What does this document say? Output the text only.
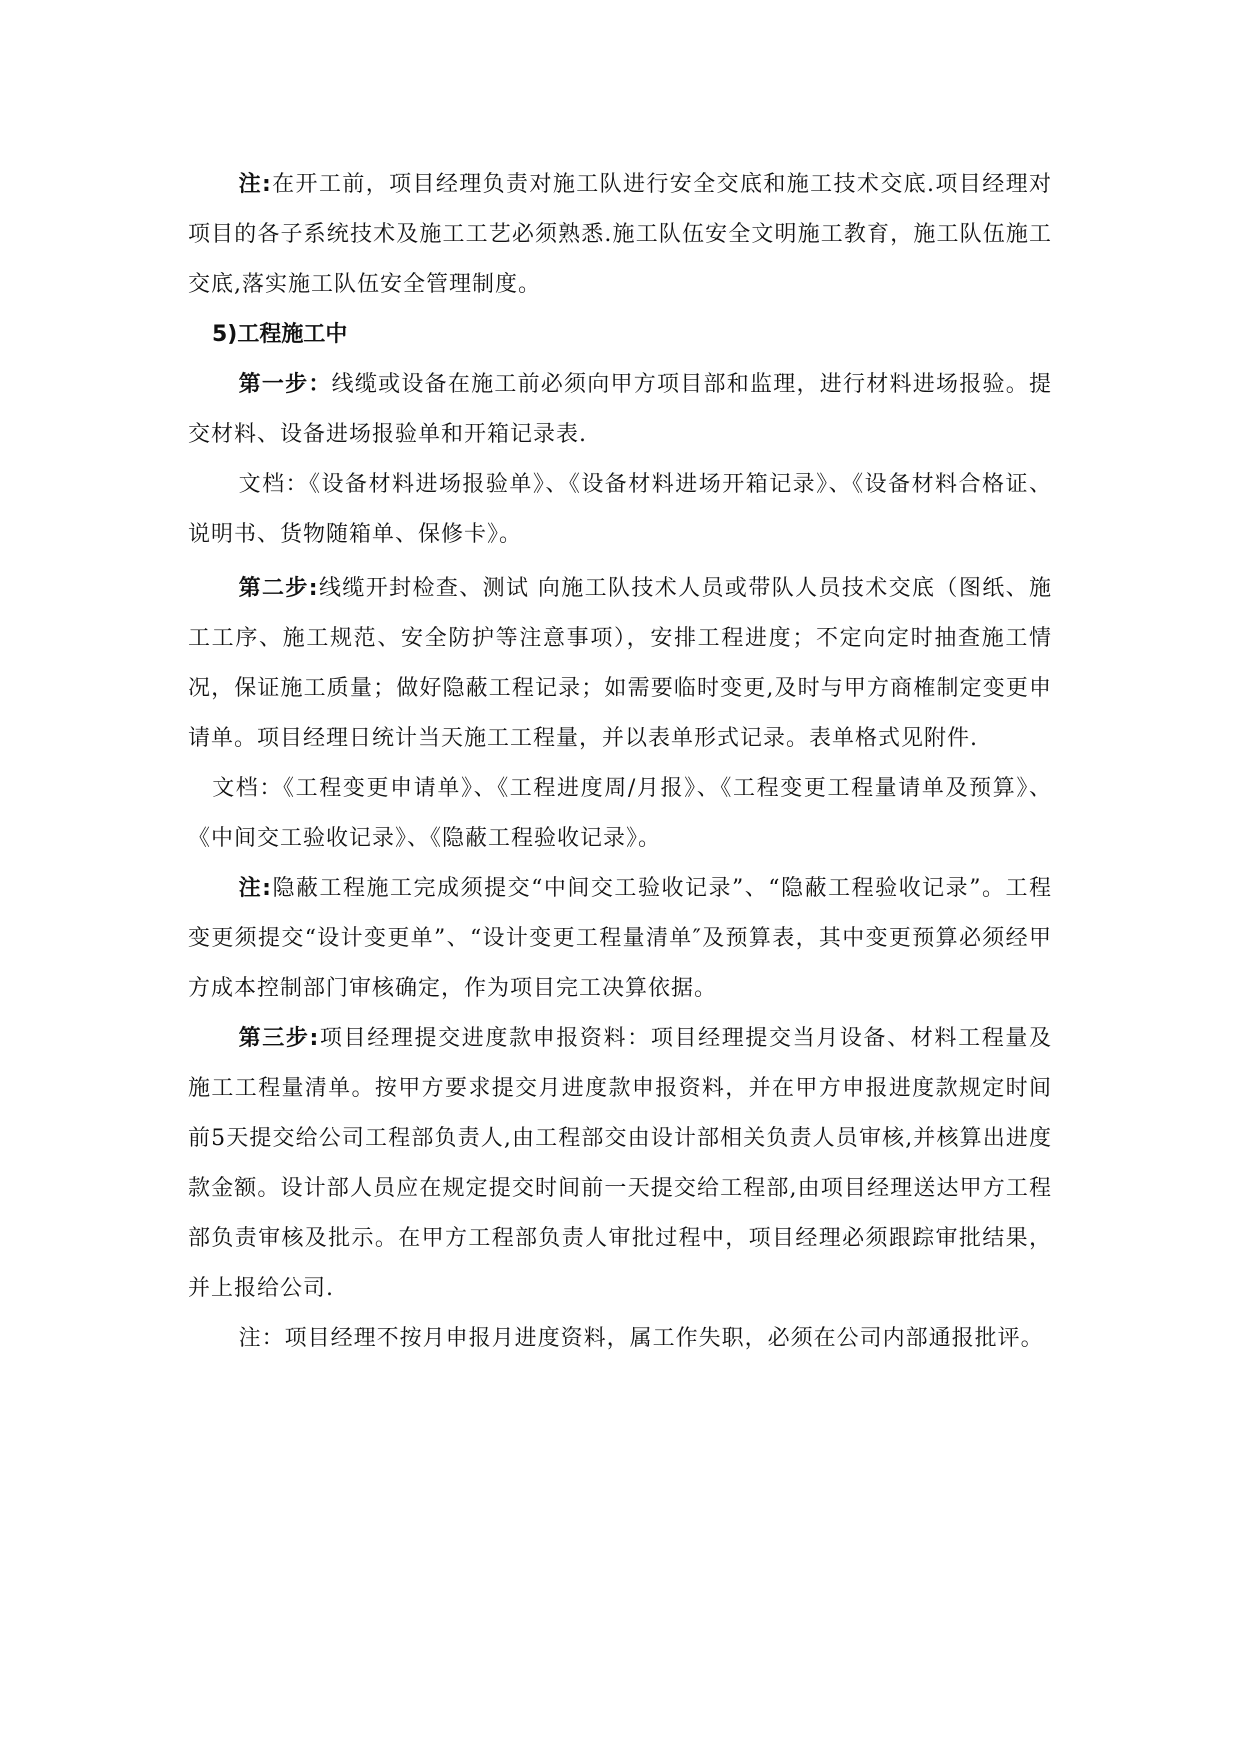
注:在开工前，项目经理负责对施工队进行安全交底和施工技术交底.项目经理对项目的各子系统技术及施工工艺必须熟悉.施工队伍安全文明施工教育，施工队伍施工交底,落实施工队伍安全管理制度。

5)工程施工中

第一步：线缆或设备在施工前必须向甲方项目部和监理，进行材料进场报验。提交材料、设备进场报验单和开箱记录表.

文档：《设备材料进场报验单》、《设备材料进场开箱记录》、《设备材料合格证、说明书、货物随箱单、保修卡》。

第二步:线缆开封检查、测试 向施工队技术人员或带队人员技术交底（图纸、施工工序、施工规范、安全防护等注意事项），安排工程进度；不定向定时抽查施工情况，保证施工质量；做好隐蔽工程记录；如需要临时变更,及时与甲方商榷制定变更申请单。项目经理日统计当天施工工程量，并以表单形式记录。表单格式见附件.

文档：《工程变更申请单》、《工程进度周/月报》、《工程变更工程量请单及预算》、《中间交工验收记录》、《隐蔽工程验收记录》。

注:隐蔽工程施工完成须提交“中间交工验收记录”、“隐蔽工程验收记录”。工程变更须提交“设计变更单”、“设计变更工程量清单″及预算表，其中变更预算必须经甲方成本控制部门审核确定，作为项目完工决算依据。

第三步:项目经理提交进度款申报资料：项目经理提交当月设备、材料工程量及施工工程量清单。按甲方要求提交月进度款申报资料，并在甲方申报进度款规定时间前5天提交给公司工程部负责人,由工程部交由设计部相关负责人员审核,并核算出进度款金额。设计部人员应在规定提交时间前一天提交给工程部,由项目经理送达甲方工程部负责审核及批示。在甲方工程部负责人审批过程中，项目经理必须跟踪审批结果，并上报给公司.

注：项目经理不按月申报月进度资料，属工作失职，必须在公司内部通报批评。
